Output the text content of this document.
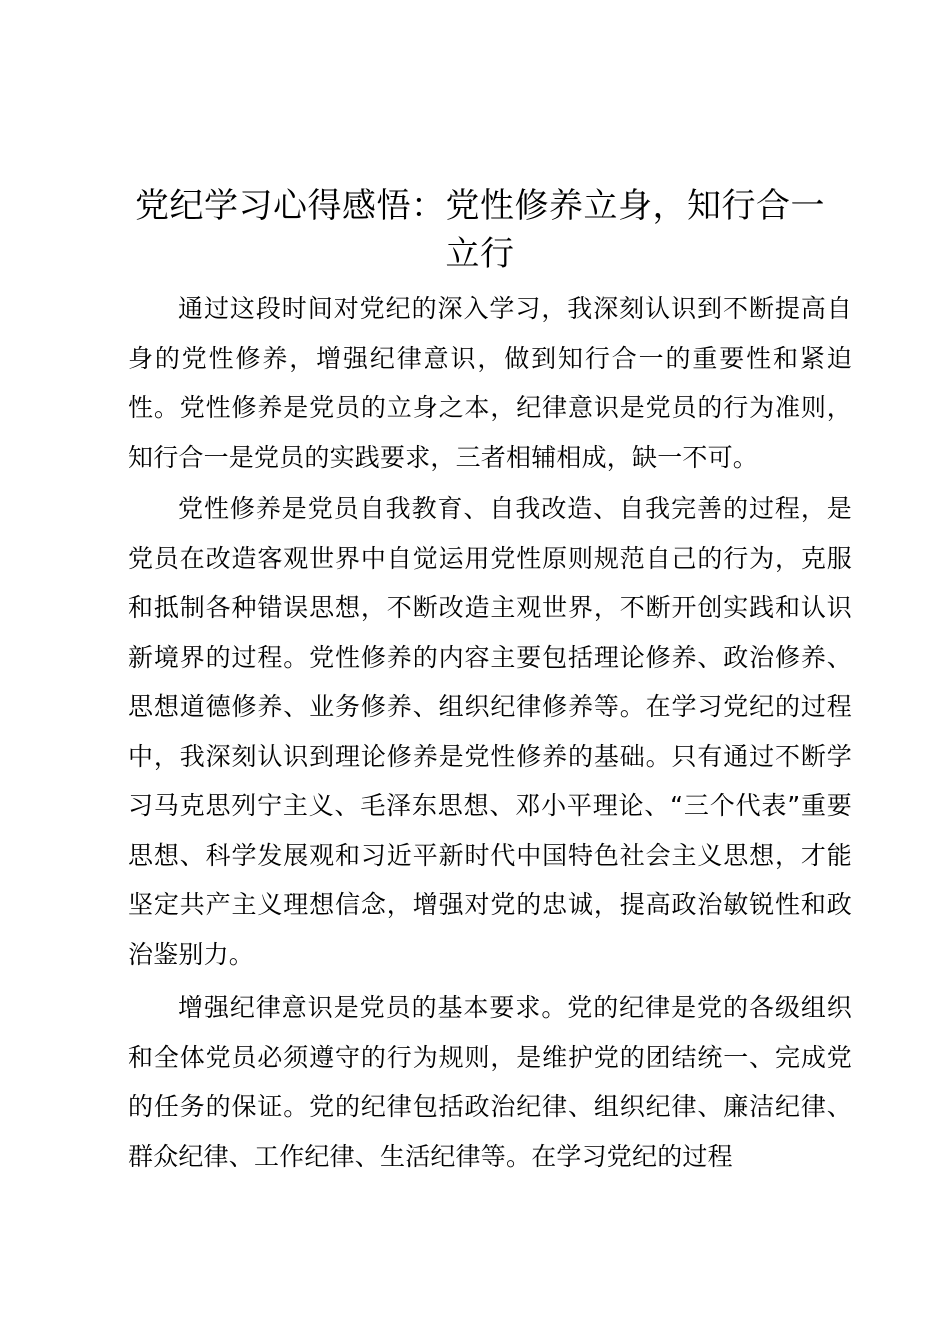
党纪学习心得感悟：党性修养立身，知行合一立行

通过这段时间对党纪的深入学习，我深刻认识到不断提高自身的党性修养，增强纪律意识，做到知行合一的重要性和紧迫性。党性修养是党员的立身之本，纪律意识是党员的行为准则，知行合一是党员的实践要求，三者相辅相成，缺一不可。

党性修养是党员自我教育、自我改造、自我完善的过程，是党员在改造客观世界中自觉运用党性原则规范自己的行为，克服和抵制各种错误思想，不断改造主观世界，不断开创实践和认识新境界的过程。党性修养的内容主要包括理论修养、政治修养、思想道德修养、业务修养、组织纪律修养等。在学习党纪的过程中，我深刻认识到理论修养是党性修养的基础。只有通过不断学习马克思列宁主义、毛泽东思想、邓小平理论、“三个代表”重要思想、科学发展观和习近平新时代中国特色社会主义思想，才能坚定共产主义理想信念，增强对党的忠诚，提高政治敏锐性和政治鉴别力。

增强纪律意识是党员的基本要求。党的纪律是党的各级组织和全体党员必须遵守的行为规则，是维护党的团结统一、完成党的任务的保证。党的纪律包括政治纪律、组织纪律、廉洁纪律、群众纪律、工作纪律、生活纪律等。在学习党纪的过程
